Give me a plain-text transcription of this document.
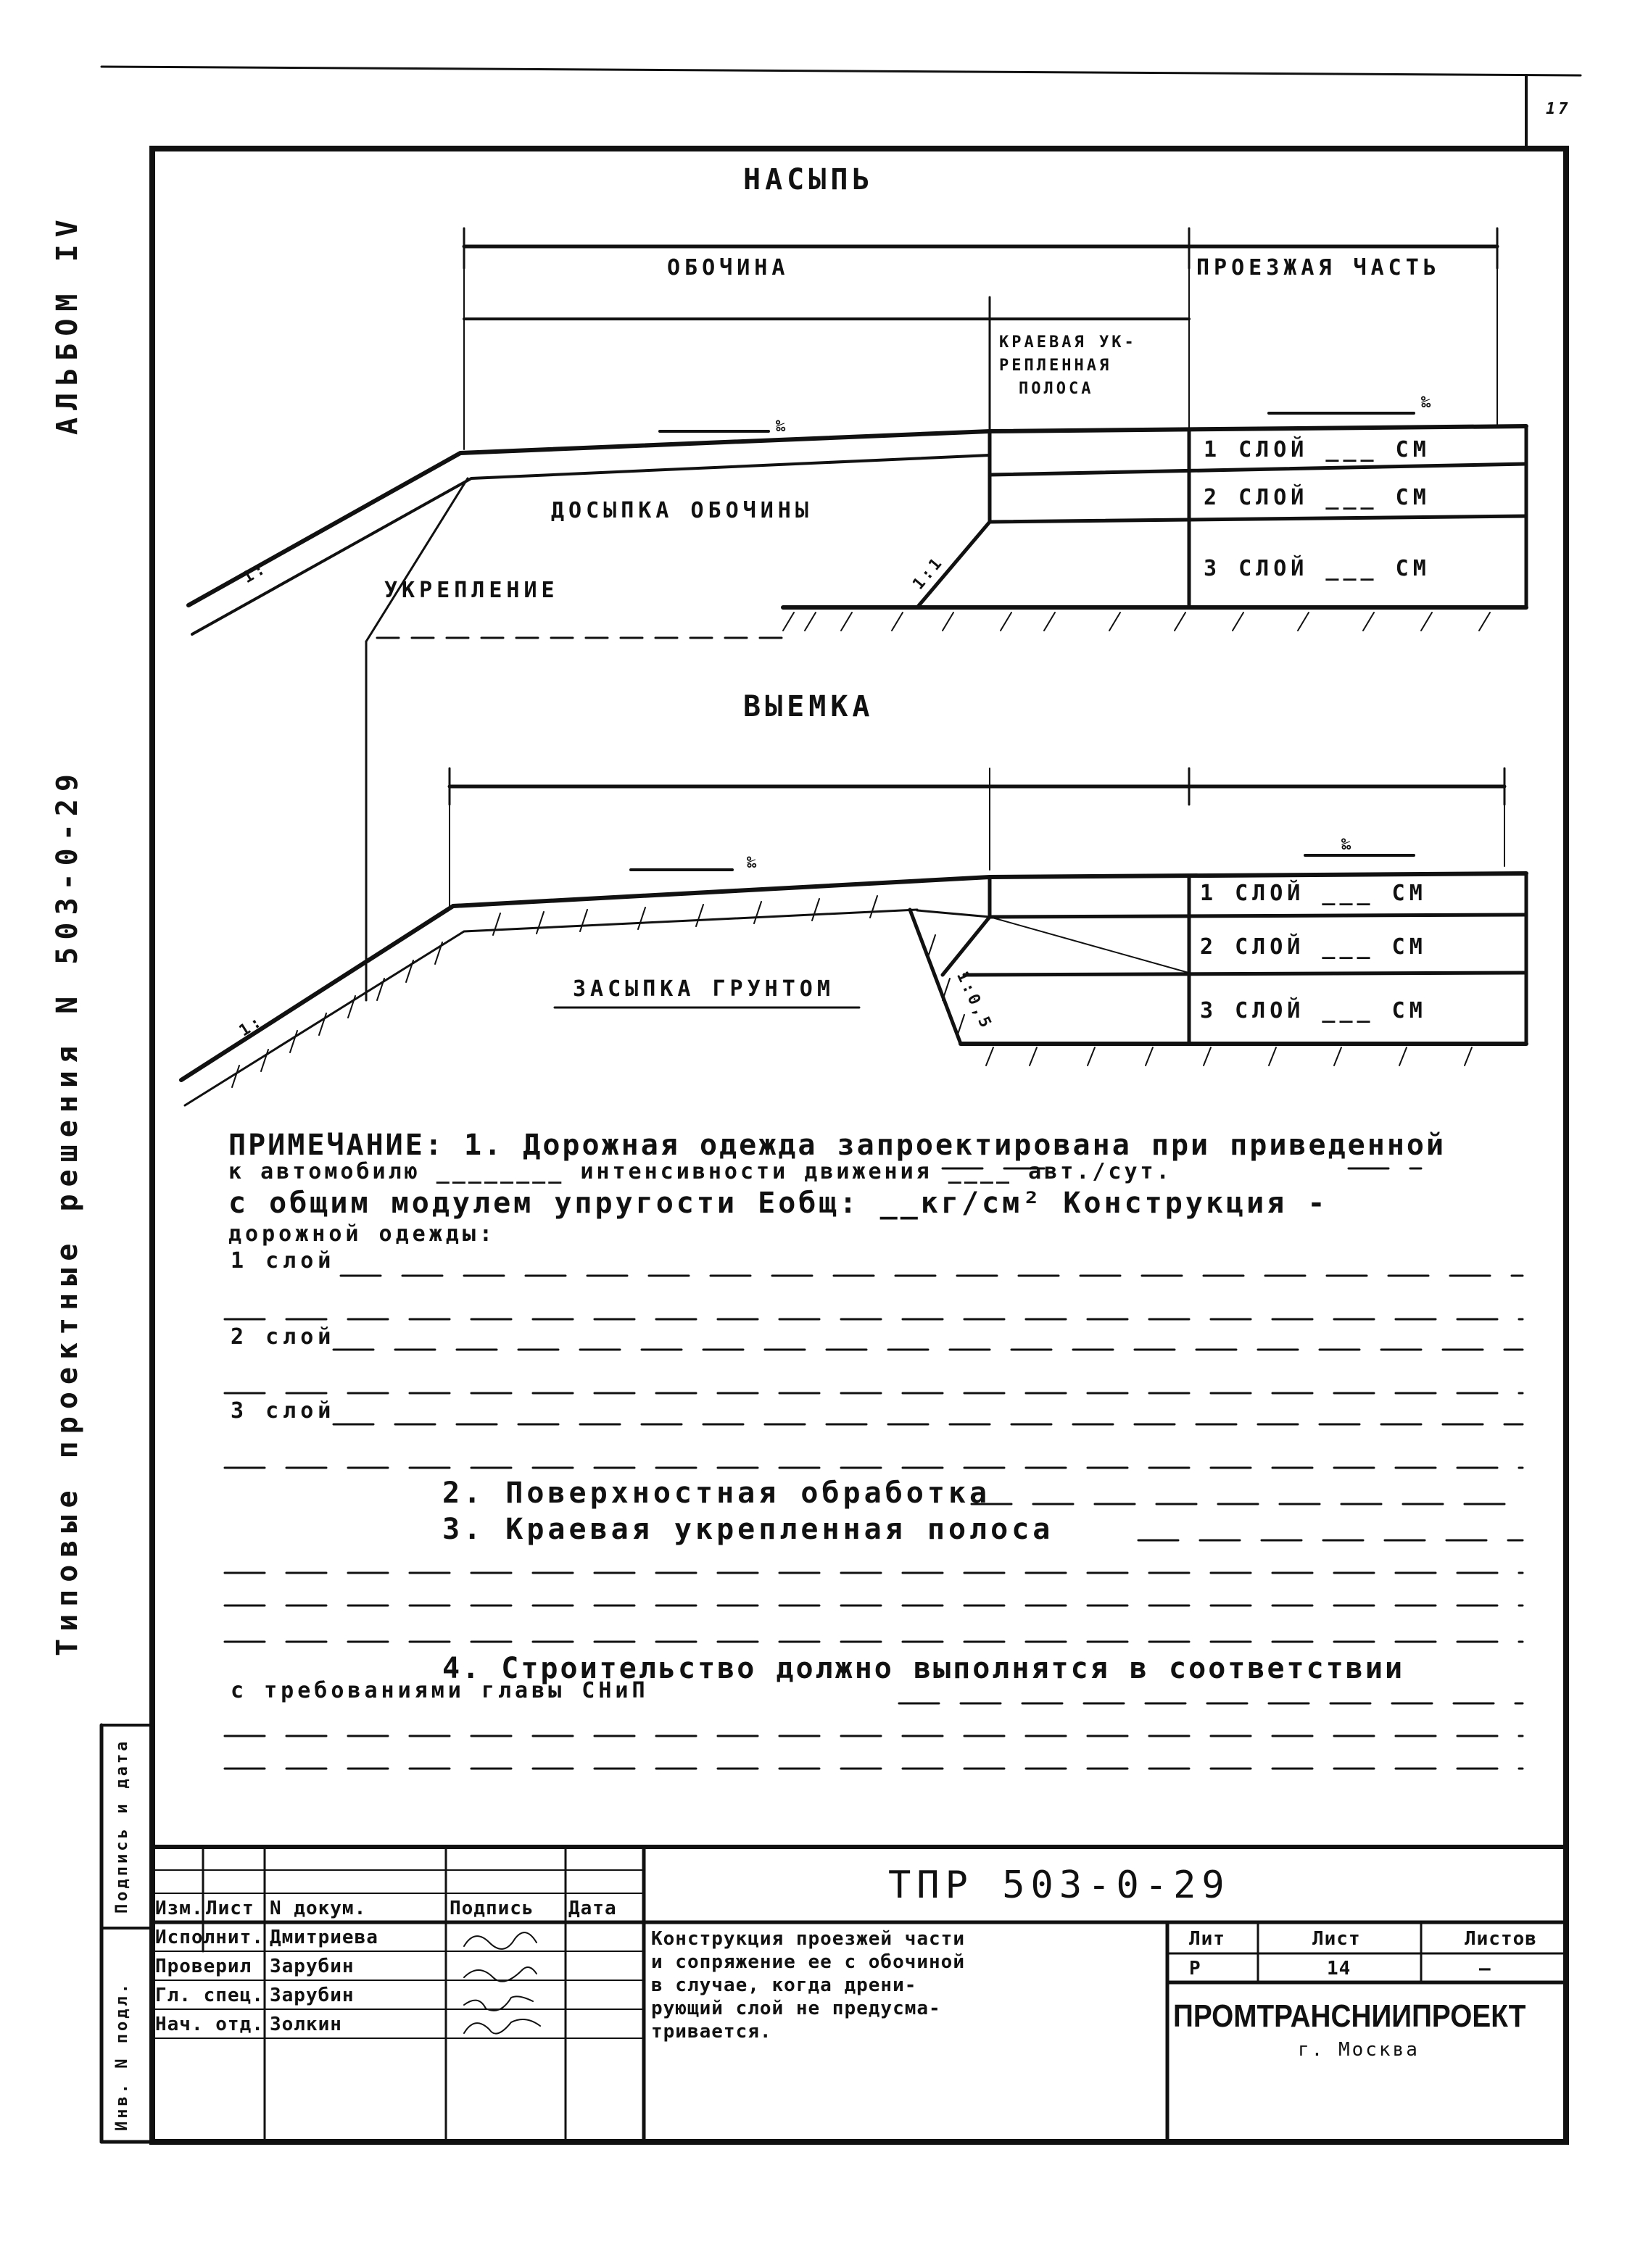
17
АЛЬБОМ IV
Типовые проектные решения N 503-0-29
Подпись и дата
Инв. N подл.
НАСЫПЬ
ОБОЧИНА	ПРОЕЗЖАЯ ЧАСТЬ
КРАЕВАЯ УК-
РЕПЛЕННАЯ
ПОЛОСА
‰
‰
1 СЛОЙ ___ СМ
2 СЛОЙ ___ СМ
3 СЛОЙ ___ СМ
ДОСЫПКА ОБОЧИНЫ
УКРЕПЛЕНИЕ
1:	1:1
ВЫЕМКА
‰
‰
1 СЛОЙ ___ СМ
2 СЛОЙ ___ СМ
3 СЛОЙ ___ СМ
ЗАСЫПКА ГРУНТОМ
1:	1:0,5
ПРИМЕЧАНИЕ: 1. Дорожная одежда запроектирована при приведенной
к автомобилю ________ интенсивности движения ____ авт./сут.
с общим модулем упругости Еобщ: __кг/см² Конструкция -
дорожной одежды:
1 слой
2 слой
3 слой
2. Поверхностная обработка
3. Краевая укрепленная полоса
4. Строительство должно выполнятся в соответствии
с требованиями главы СНиП
ТПР 503-0-29
Изм. Лист N докум.	Подпись Дата
Исполнит. Дмитриева
Проверил Зарубин
Гл. спец. Зарубин
Нач. отд. Золкин
Конструкция проезжей части
и сопряжение ее с обочиной
в случае, когда дрени-
рующий слой не предусма-
тривается.
Лит	Лист	Листов
Р	14	—
ПРОМТРАНСНИИПРОЕКТ
г. Москва
